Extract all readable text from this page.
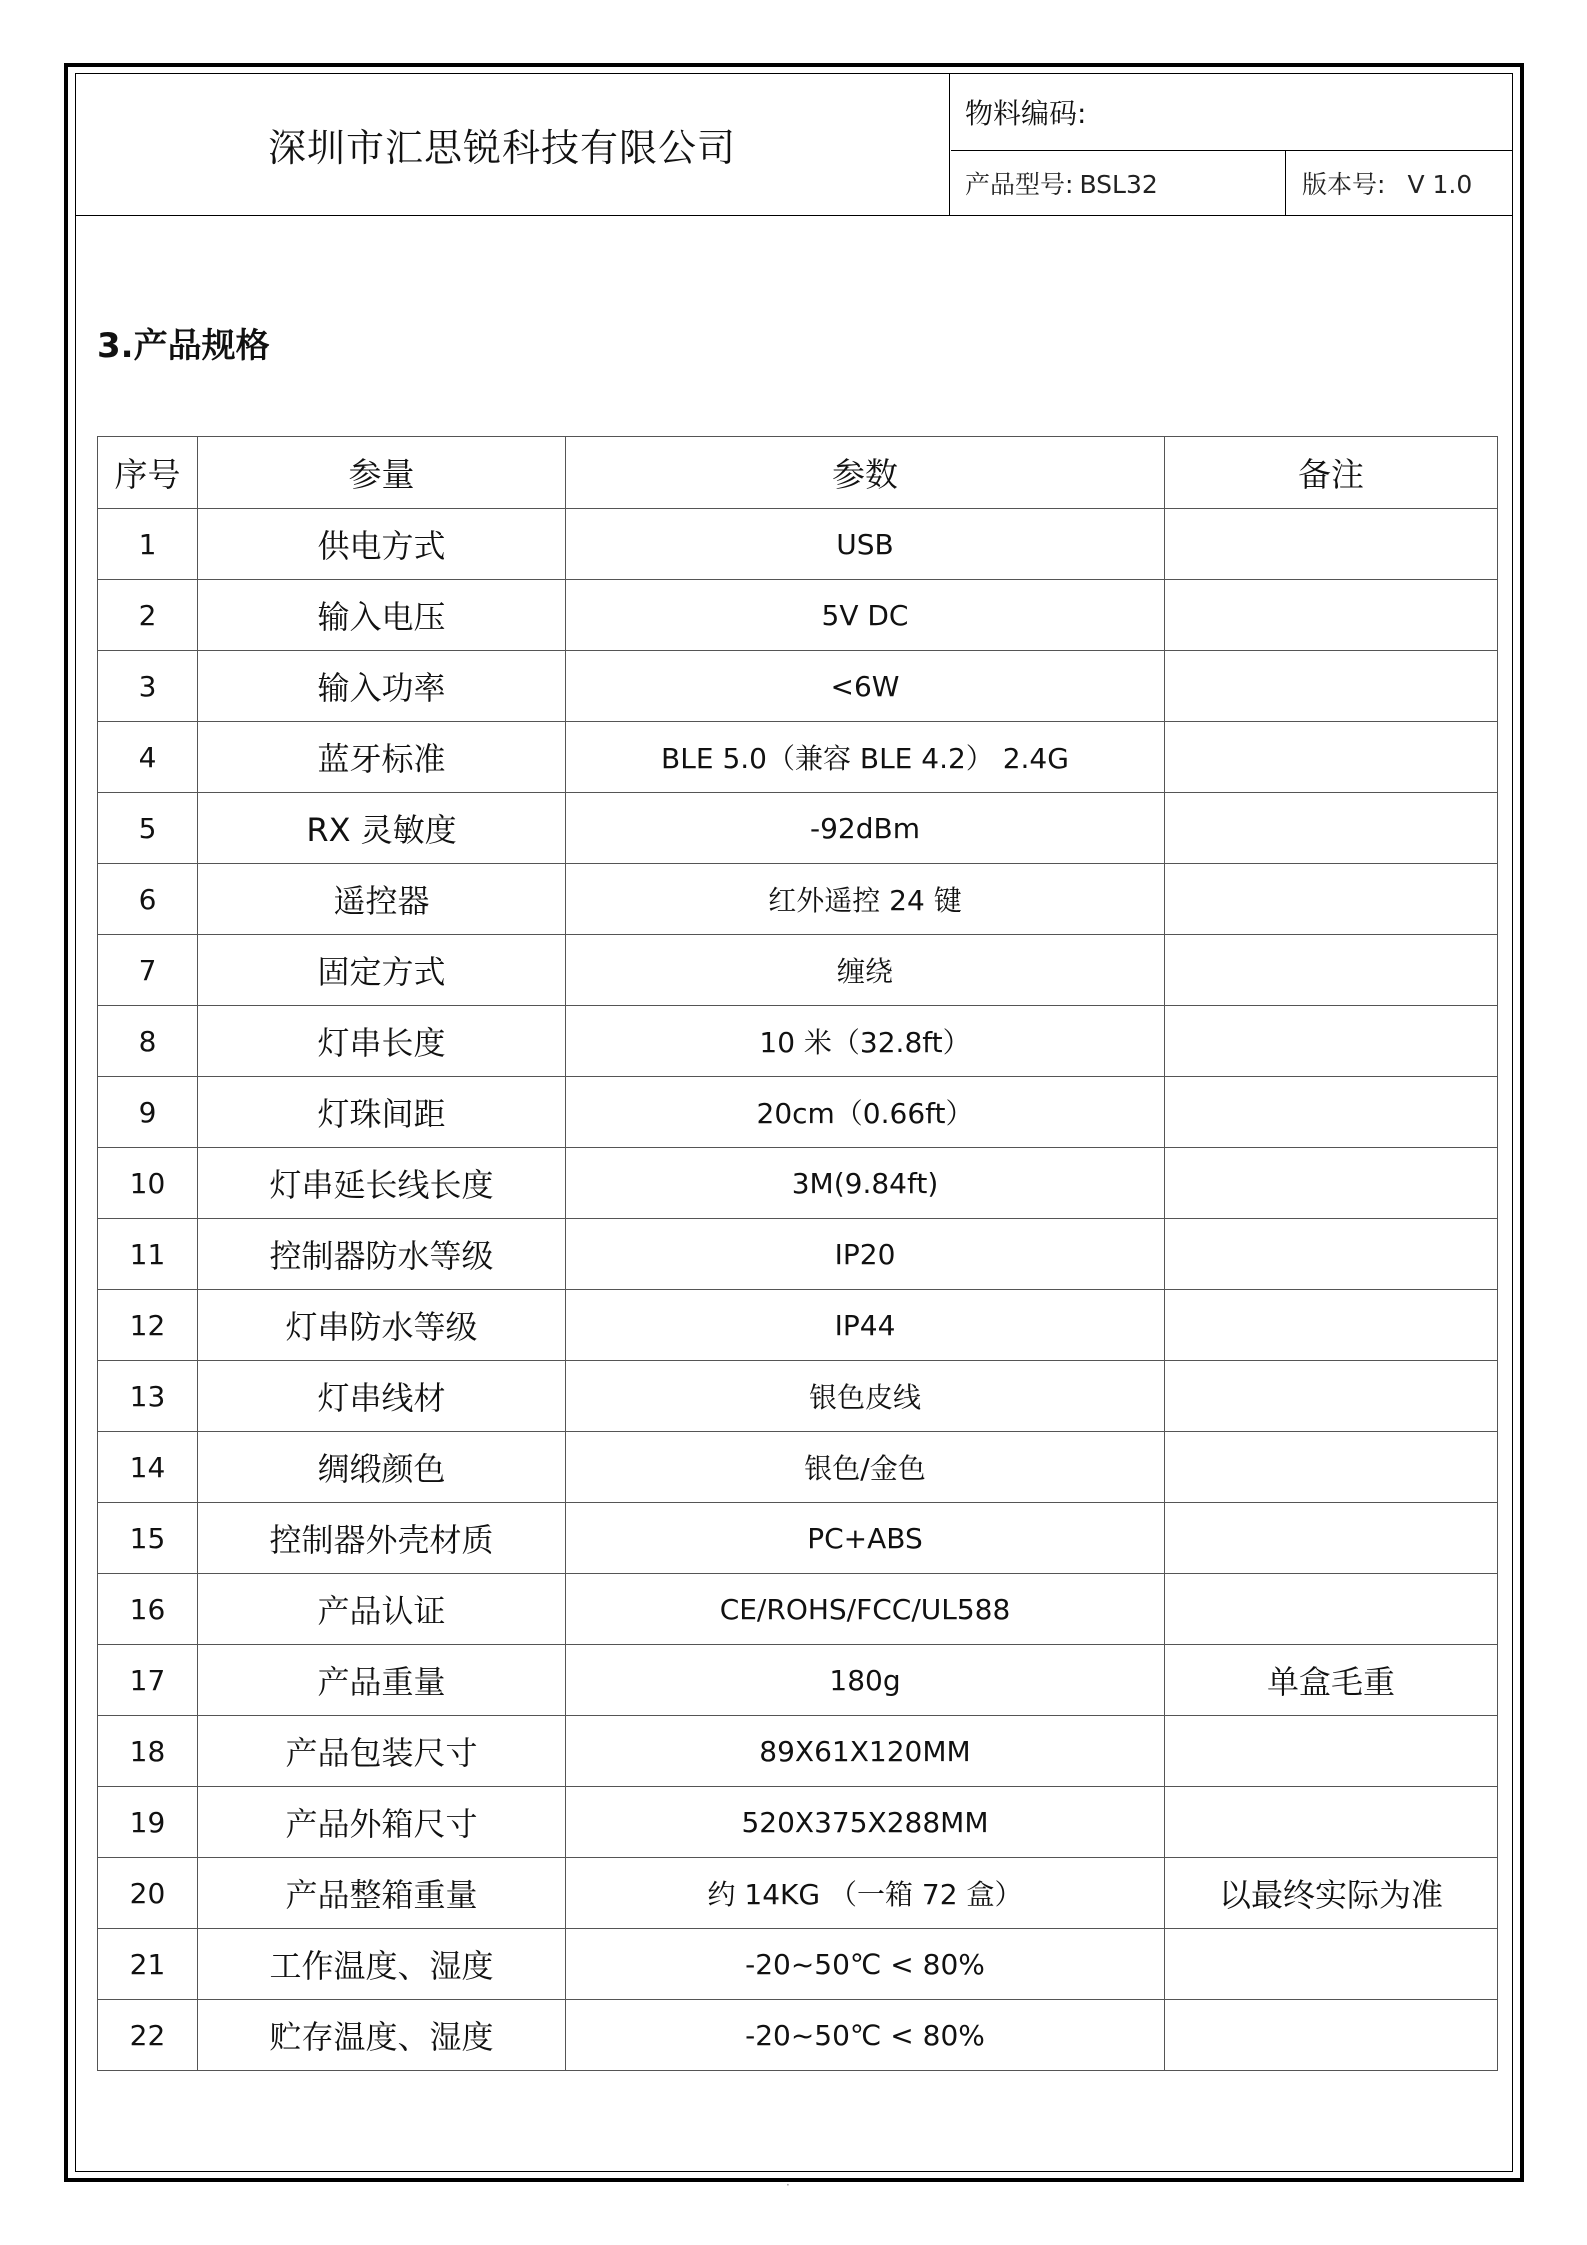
深圳市汇思锐科技有限公司
物料编码:
产品型号: BSL32	版本号: V 1.0
3.产品规格
序号	参量	参数	备注
1	供电方式	USB	
2	输入电压	5V DC	
3	输入功率	<6W	
4	蓝牙标准	BLE 5.0（兼容 BLE 4.2） 2.4G	
5	RX 灵敏度	-92dBm	
6	遥控器	红外遥控 24 键	
7	固定方式	缠绕	
8	灯串长度	10 米（32.8ft）	
9	灯珠间距	20cm（0.66ft）	
10	灯串延长线长度	3M(9.84ft)	
11	控制器防水等级	IP20	
12	灯串防水等级	IP44	
13	灯串线材	银色皮线	
14	绸缎颜色	银色/金色	
15	控制器外壳材质	PC+ABS	
16	产品认证	CE/ROHS/FCC/UL588	
17	产品重量	180g	单盒毛重
18	产品包装尺寸	89X61X120MM	
19	产品外箱尺寸	520X375X288MM	
20	产品整箱重量	约 14KG （一箱 72 盒）	以最终实际为准
21	工作温度、湿度	-20~50℃ < 80%	
22	贮存温度、湿度	-20~50℃ < 80%	
·
